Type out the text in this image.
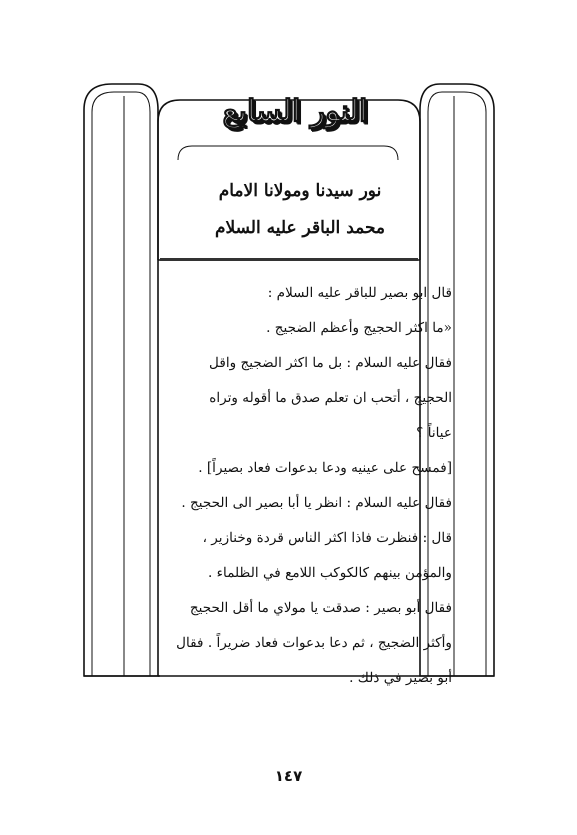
النور السابع
نور سيدنا ومولانا الامام
محمد الباقر عليه السلام

قال ابو بصير للباقر عليه السلام :

«ما اكثر الحجيج وأعظم الضجيج .

فقال عليه السلام : بل ما اكثر الضجيج واقل

الحجيج ، أتحب ان تعلم صدق ما أقوله وتراه

عياناً ؟

[فمسح على عينيه ودعا بدعوات فعاد بصيراً] .

فقال عليه السلام : انظر يا أبا بصير الى الحجيج .

قال : فنظرت فاذا اكثر الناس قردة وخنازير ،

والمؤمن بينهم كالكوكب اللامع في الظلماء .

فقال أبو بصير : صدقت يا مولاي ما أقل الحجيج

وأكثر الضجيج ، ثم دعا بدعوات فعاد ضريراً . فقال

أبو بصير في ذلك .

١٤٧
